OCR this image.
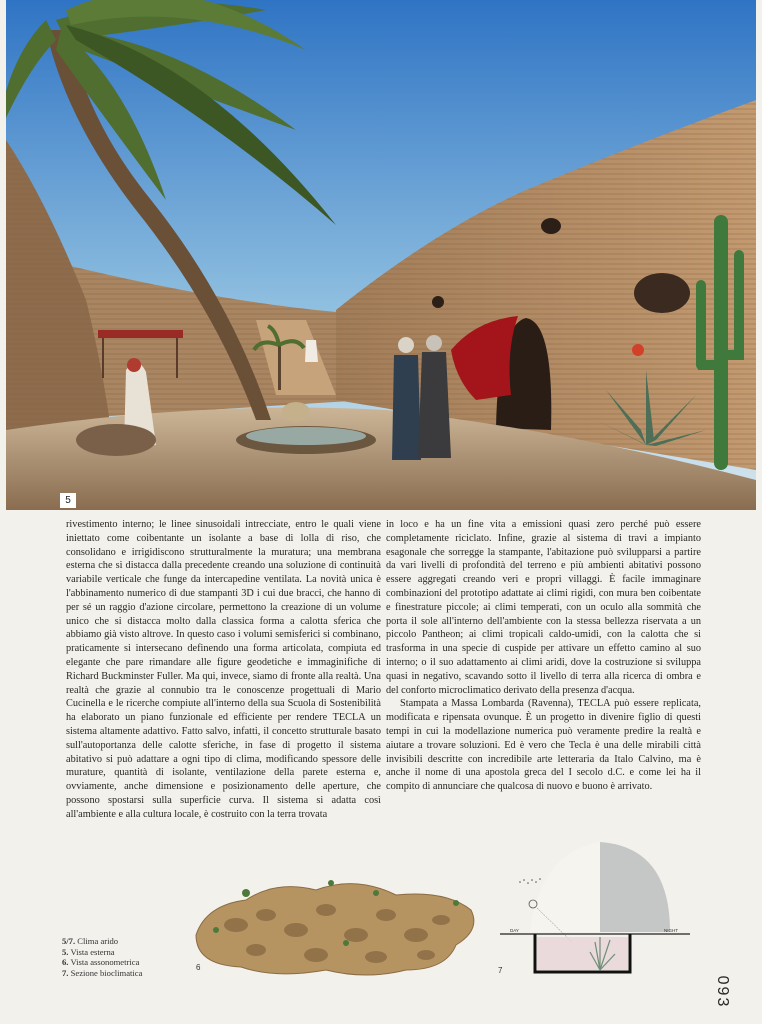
5

rivestimento interno; le linee sinusoidali intrecciate, entro le quali viene iniettato come coibentante un isolante a base di lolla di riso, che consolidano e irrigidiscono strutturalmente la muratura; una membrana esterna che si distacca dalla precedente creando una soluzione di continuità variabile verticale che funge da intercapedine ventilata. La novità unica è l'abbinamento numerico di due stampanti 3D i cui due bracci, che hanno di per sé un raggio d'azione circolare, permettono la creazione di un volume unico che si distacca molto dalla classica forma a calotta sferica che abbiamo già visto altrove. In questo caso i volumi semisferici si combinano, praticamente si intersecano definendo una forma articolata, compiuta ed elegante che pare rimandare alle figure geodetiche e immaginifiche di Richard Buckminster Fuller. Ma qui, invece, siamo di fronte alla realtà. Una realtà che grazie al connubio tra le conoscenze progettuali di Mario Cucinella e le ricerche compiute all'interno della sua Scuola di Sostenibilità ha elaborato un piano funzionale ed efficiente per rendere TECLA un sistema altamente adattivo. Fatto salvo, infatti, il concetto strutturale basato sull'autoportanza delle calotte sferiche, in fase di progetto il sistema abitativo si può adattare a ogni tipo di clima, modificando spessore delle murature, quantità di isolante, ventilazione della parete esterna e, ovviamente, anche dimensione e posizionamento delle aperture, che possono spostarsi sulla superficie curva. Il sistema si adatta così all'ambiente e alla cultura locale, è costruito con la terra trovata

in loco e ha un fine vita a emissioni quasi zero perché può essere completamente riciclato. Infine, grazie al sistema di travi a impianto esagonale che sorregge la stampante, l'abitazione può svilupparsi a partire da vari livelli di profondità del terreno e più ambienti abitativi possono essere aggregati creando veri e propri villaggi. È facile immaginare combinazioni del prototipo adattate ai climi rigidi, con mura ben coibentate e finestrature piccole; ai climi temperati, con un oculo alla sommità che porta il sole all'interno dell'ambiente con la stessa bellezza riservata a un piccolo Pantheon; ai climi tropicali caldo-umidi, con la calotta che si trasforma in una specie di cuspide per attivare un effetto camino al suo interno; o il suo adattamento ai climi aridi, dove la costruzione si sviluppa quasi in negativo, scavando sotto il livello di terra alla ricerca di ombra e del conforto microclimatico derivato della presenza d'acqua.

Stampata a Massa Lombarda (Ravenna), TECLA può essere replicata, modificata e ripensata ovunque. È un progetto in divenire figlio di questi tempi in cui la modellazione numerica può veramente predire la realtà e aiutare a trovare soluzioni. Ed è vero che Tecla è una delle mirabili città invisibili descritte con incredibile arte letteraria da Italo Calvino, ma è anche il nome di una apostola greca del I secolo d.C. e come lei ha il compito di annunciare che qualcosa di nuovo e buono è arrivato.

5/7. Clima arido
5. Vista esterna
6. Vista assonometrica
7. Sezione bioclimatica	6
DAY	NIGHT
7
093
